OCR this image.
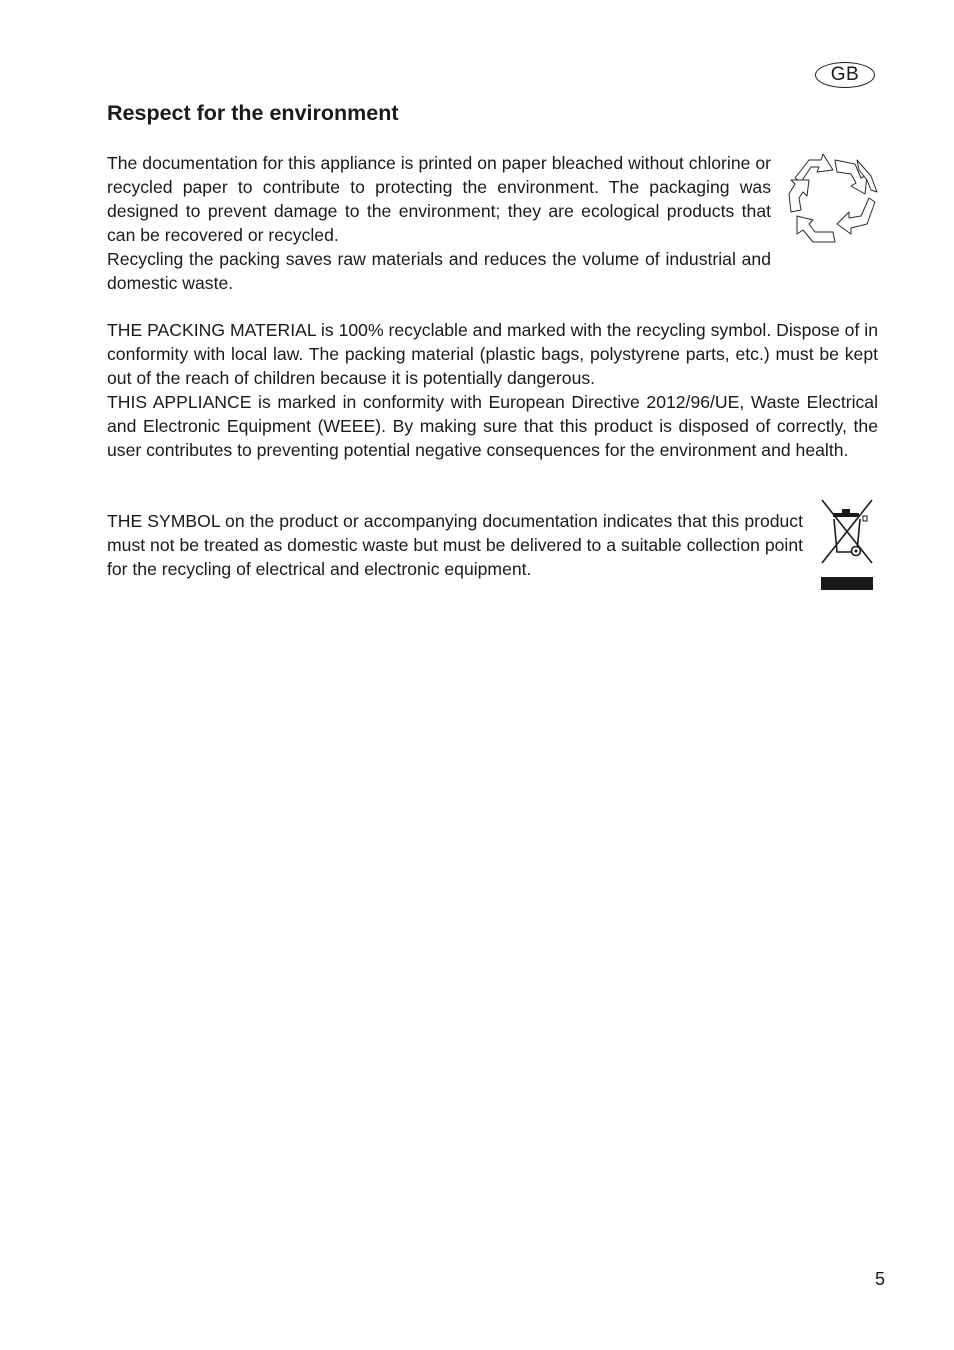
GB
Respect for the environment

The documentation for this appliance is printed on paper bleached without chlorine or recycled paper to contribute to protecting the environment. The packaging was designed to prevent damage to the environment; they are ecological products that can be recovered or recycled.
Recycling the packing saves raw materials and reduces the volume of industrial and domestic waste.

THE PACKING MATERIAL is 100% recyclable and marked with the recycling symbol. Dispose of in conformity with local law. The packing material (plastic bags, polystyrene parts, etc.) must be kept out of the reach of children because it is potentially dangerous.
THIS APPLIANCE is marked in conformity with European Directive 2012/96/UE, Waste Electrical and Electronic Equipment (WEEE). By making sure that this product is disposed of correctly, the user contributes to preventing potential negative consequences for the environment and health.

THE SYMBOL on the product or accompanying documentation indicates that this product must not be treated as domestic waste but must be delivered to a suitable collection point for the recycling of electrical and electronic equipment.

5
